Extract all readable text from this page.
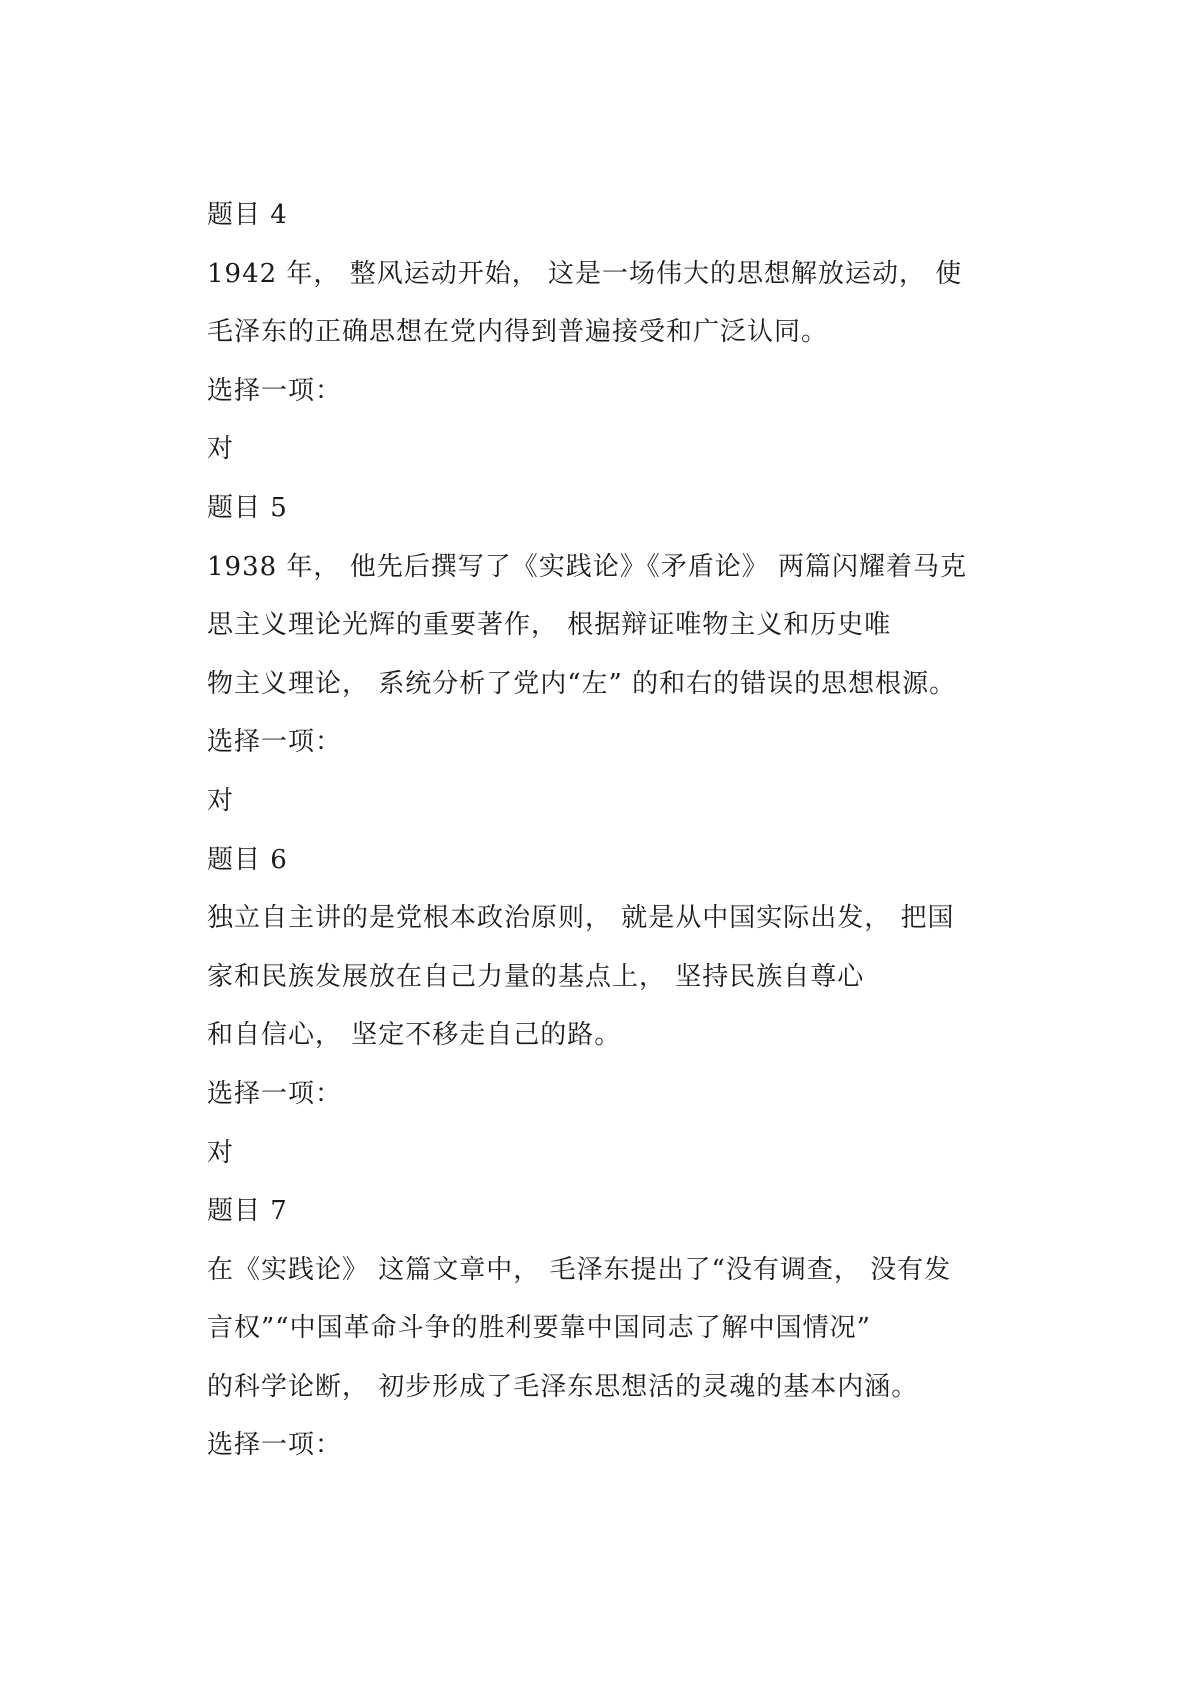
题目 4
1942 年， 整风运动开始， 这是一场伟大的思想解放运动， 使
毛泽东的正确思想在党内得到普遍接受和广泛认同。
选择一项：
对
题目 5
1938 年， 他先后撰写了《实践论》《矛盾论》 两篇闪耀着马克
思主义理论光辉的重要著作， 根据辩证唯物主义和历史唯
物主义理论， 系统分析了党内“左” 的和右的错误的思想根源。
选择一项：
对
题目 6
独立自主讲的是党根本政治原则， 就是从中国实际出发， 把国
家和民族发展放在自己力量的基点上， 坚持民族自尊心
和自信心， 坚定不移走自己的路。
选择一项：
对
题目 7
在《实践论》 这篇文章中， 毛泽东提出了“没有调查， 没有发
言权”“中国革命斗争的胜利要靠中国同志了解中国情况”
的科学论断， 初步形成了毛泽东思想活的灵魂的基本内涵。
选择一项：
